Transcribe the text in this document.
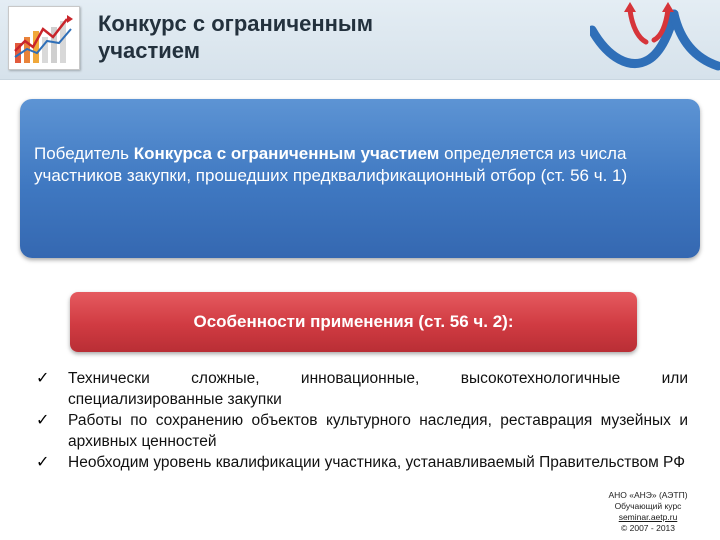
Конкурс с ограниченным
участием
Победитель Конкурса с ограниченным участием определяется из числа участников закупки, прошедших предквалификационный отбор (ст. 56 ч. 1)
Особенности применения (ст. 56 ч. 2):
✓ Технически сложные, инновационные, высокотехнологичные или специализированные закупки
✓ Работы по сохранению объектов культурного наследия, реставрация музейных и архивных ценностей
✓ Необходим уровень квалификации участника, устанавливаемый Правительством РФ
АНО «АНЭ» (АЭТП)
Обучающий курс
seminar.aetp.ru
© 2007 - 2013
